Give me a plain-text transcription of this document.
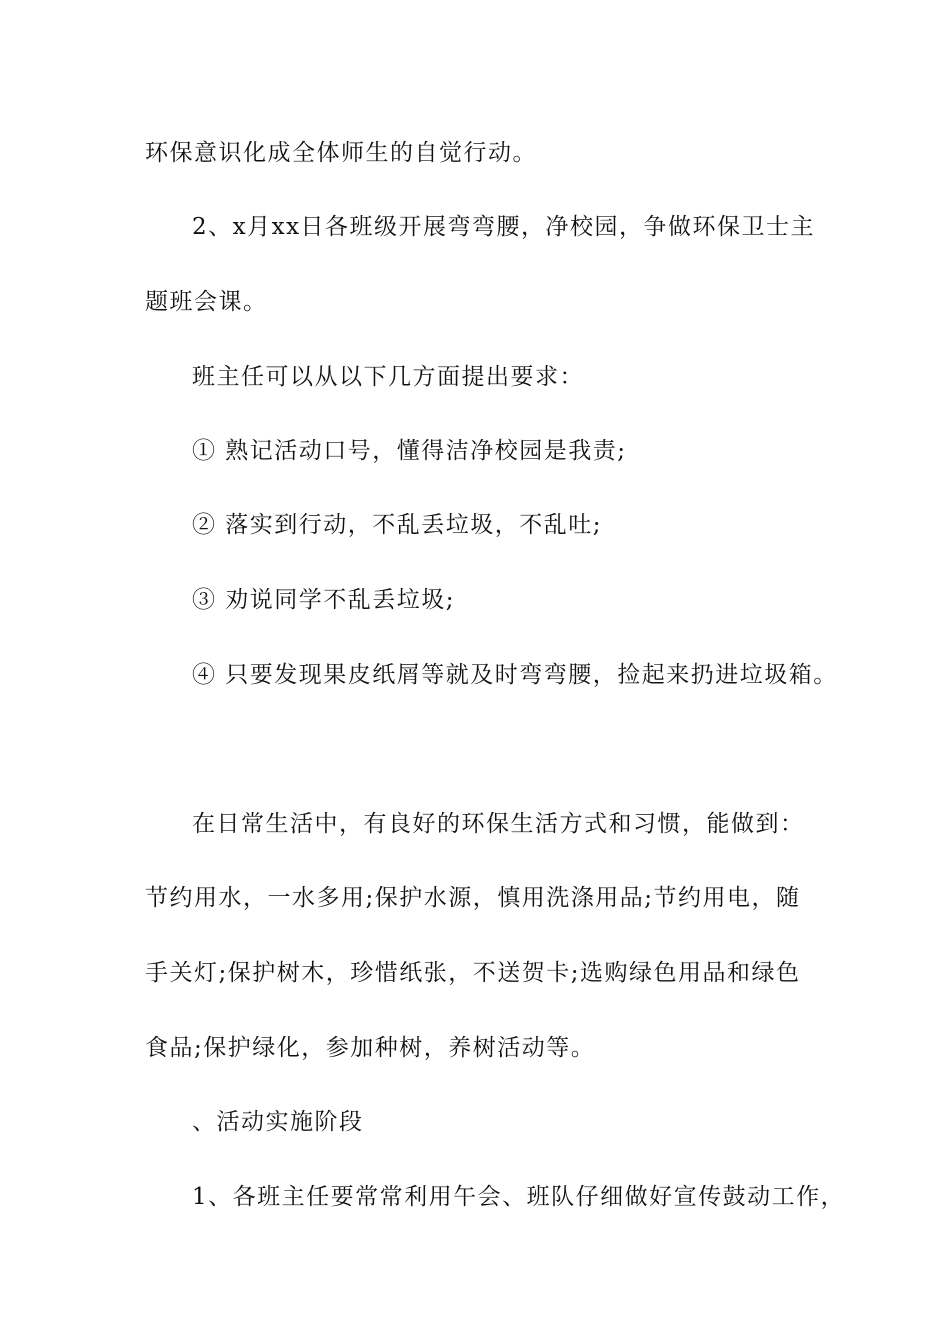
环保意识化成全体师生的自觉行动。
2、x月xx日各班级开展弯弯腰，净校园，争做环保卫士主
题班会课。
班主任可以从以下几方面提出要求：
① 熟记活动口号，懂得洁净校园是我责;
② 落实到行动，不乱丢垃圾，不乱吐;
③ 劝说同学不乱丢垃圾;
④ 只要发现果皮纸屑等就及时弯弯腰，捡起来扔进垃圾箱。
在日常生活中，有良好的环保生活方式和习惯，能做到：
节约用水，一水多用;保护水源，慎用洗涤用品;节约用电，随
手关灯;保护树木，珍惜纸张，不送贺卡;选购绿色用品和绿色
食品;保护绿化，参加种树，养树活动等。
、活动实施阶段
1、各班主任要常常利用午会、班队仔细做好宣传鼓动工作，
